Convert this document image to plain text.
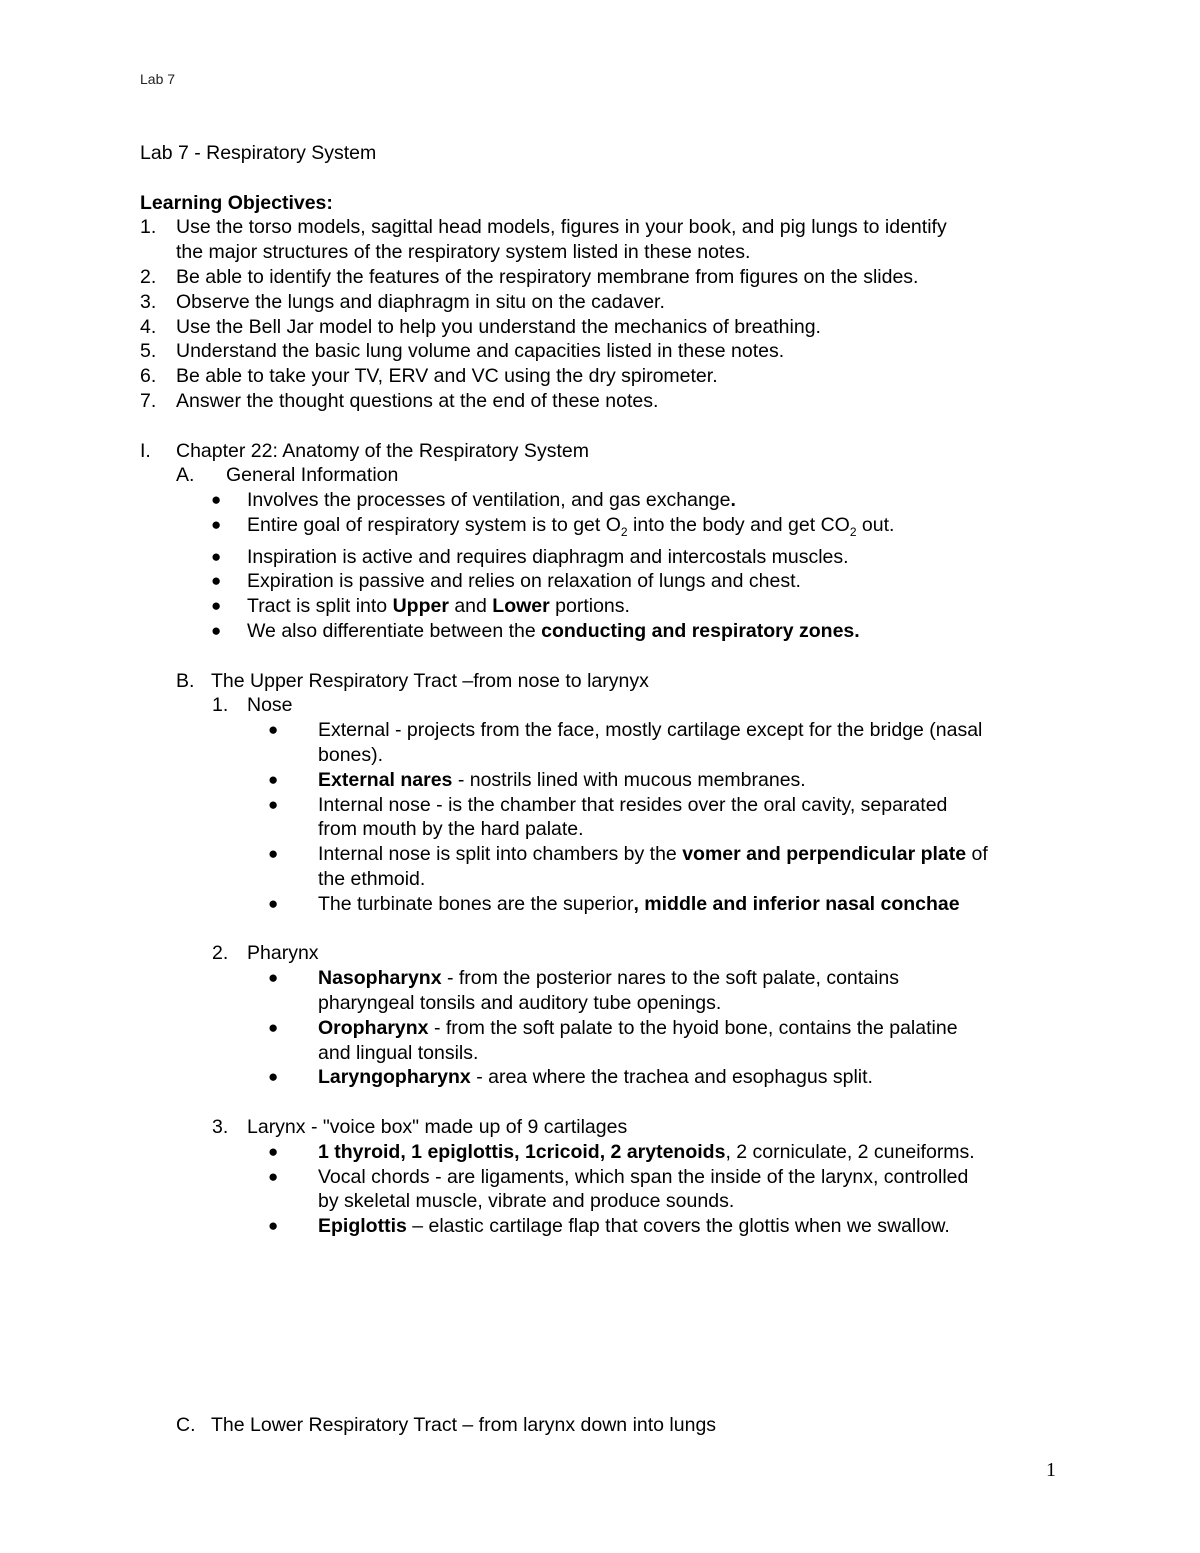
Lab 7
Lab 7 - Respiratory System
Learning Objectives:
1. Use the torso models, sagittal head models, figures in your book, and pig lungs to identify
the major structures of the respiratory system listed in these notes.
2. Be able to identify the features of the respiratory membrane from figures on the slides.
3. Observe the lungs and diaphragm in situ on the cadaver.
4. Use the Bell Jar model to help you understand the mechanics of breathing.
5. Understand the basic lung volume and capacities listed in these notes.
6. Be able to take your TV, ERV and VC using the dry spirometer.
7. Answer the thought questions at the end of these notes.
I. Chapter 22: Anatomy of the Respiratory System
A. General Information
● Involves the processes of ventilation, and gas exchange.
● Entire goal of respiratory system is to get $O_2$ into the body and get $CO_2$ out.
● Inspiration is active and requires diaphragm and intercostals muscles.
● Expiration is passive and relies on relaxation of lungs and chest.
● Tract is split into Upper and Lower portions.
● We also differentiate between the conducting and respiratory zones.
B. The Upper Respiratory Tract –from nose to larynyx
1. Nose
● External - projects from the face, mostly cartilage except for the bridge (nasal
bones).
● External nares - nostrils lined with mucous membranes.
● Internal nose - is the chamber that resides over the oral cavity, separated
from mouth by the hard palate.
● Internal nose is split into chambers by the vomer and perpendicular plate of
the ethmoid.
● The turbinate bones are the superior, middle and inferior nasal conchae
2. Pharynx
● Nasopharynx - from the posterior nares to the soft palate, contains
pharyngeal tonsils and auditory tube openings.
● Oropharynx - from the soft palate to the hyoid bone, contains the palatine
and lingual tonsils.
● Laryngopharynx - area where the trachea and esophagus split.
3. Larynx - "voice box" made up of 9 cartilages
● 1 thyroid, 1 epiglottis, 1cricoid, 2 arytenoids, 2 corniculate, 2 cuneiforms.
● Vocal chords - are ligaments, which span the inside of the larynx, controlled
by skeletal muscle, vibrate and produce sounds.
● Epiglottis – elastic cartilage flap that covers the glottis when we swallow.
C. The Lower Respiratory Tract – from larynx down into lungs
1
